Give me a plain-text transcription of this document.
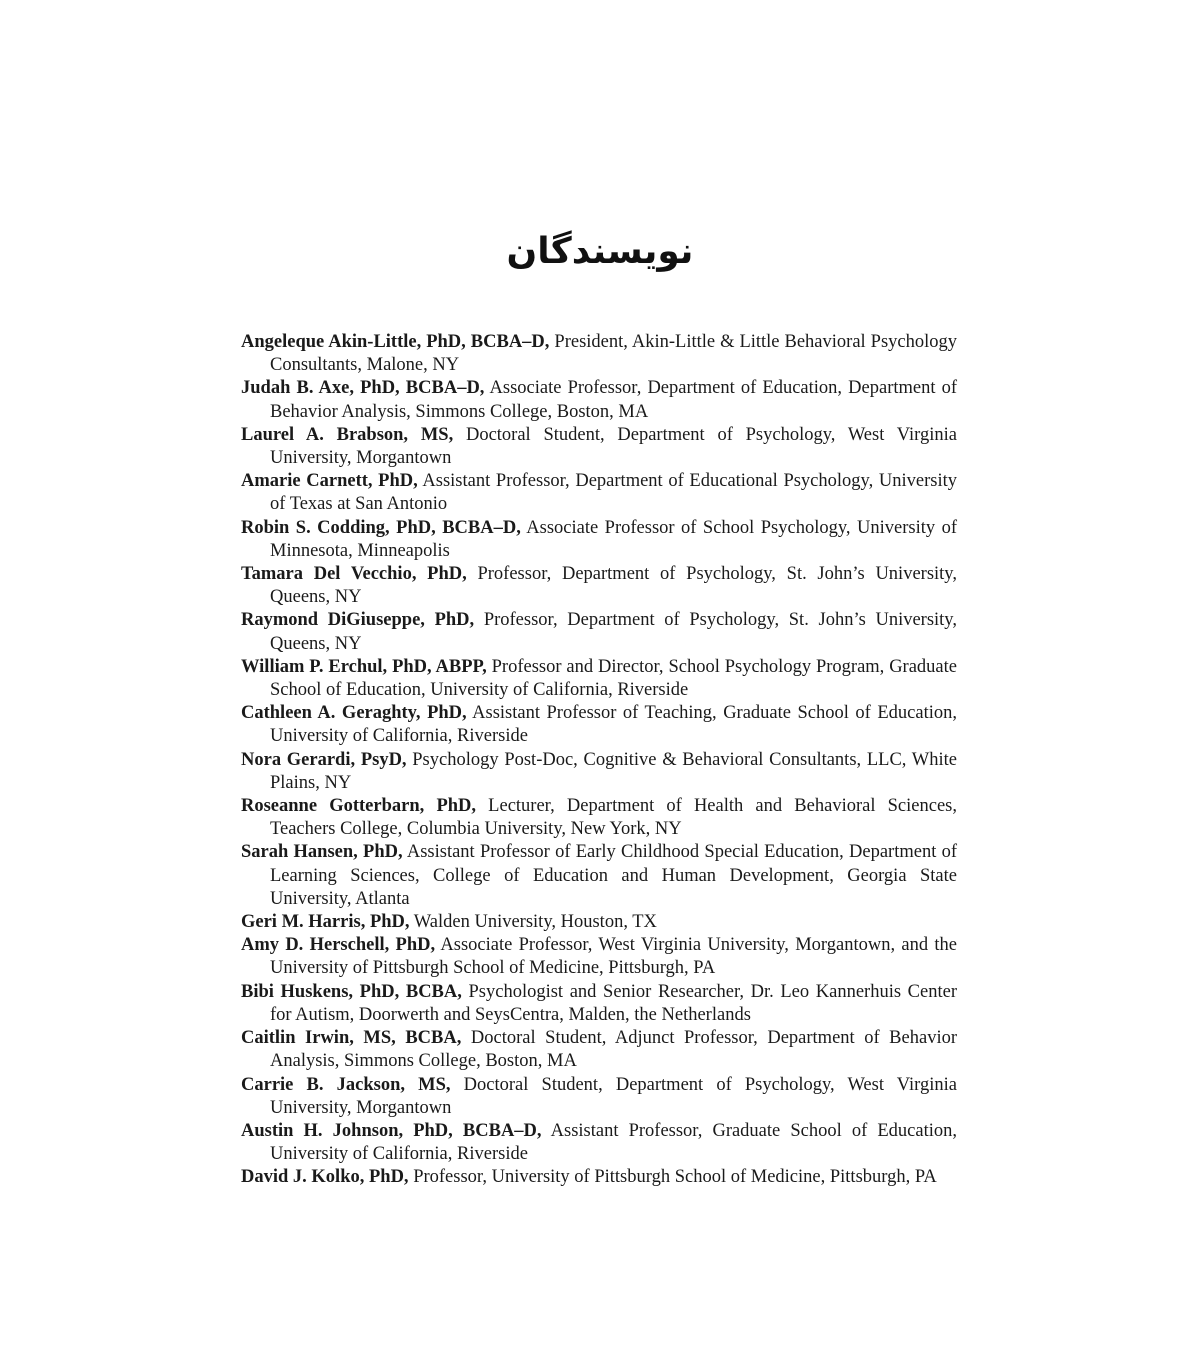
نویسندگان
Angeleque Akin-Little, PhD, BCBA–D, President, Akin-Little & Little Behavioral Psychology Consultants, Malone, NY
Judah B. Axe, PhD, BCBA–D, Associate Professor, Department of Education, Department of Behavior Analysis, Simmons College, Boston, MA
Laurel A. Brabson, MS, Doctoral Student, Department of Psychology, West Virginia University, Morgantown
Amarie Carnett, PhD, Assistant Professor, Department of Educational Psychology, University of Texas at San Antonio
Robin S. Codding, PhD, BCBA–D, Associate Professor of School Psychology, University of Minnesota, Minneapolis
Tamara Del Vecchio, PhD, Professor, Department of Psychology, St. John’s University, Queens, NY
Raymond DiGiuseppe, PhD, Professor, Department of Psychology, St. John’s University, Queens, NY
William P. Erchul, PhD, ABPP, Professor and Director, School Psychology Program, Graduate School of Education, University of California, Riverside
Cathleen A. Geraghty, PhD, Assistant Professor of Teaching, Graduate School of Education, University of California, Riverside
Nora Gerardi, PsyD, Psychology Post-Doc, Cognitive & Behavioral Consultants, LLC, White Plains, NY
Roseanne Gotterbarn, PhD, Lecturer, Department of Health and Behavioral Sciences, Teachers College, Columbia University, New York, NY
Sarah Hansen, PhD, Assistant Professor of Early Childhood Special Education, Department of Learning Sciences, College of Education and Human Development, Georgia State University, Atlanta
Geri M. Harris, PhD, Walden University, Houston, TX
Amy D. Herschell, PhD, Associate Professor, West Virginia University, Morgantown, and the University of Pittsburgh School of Medicine, Pittsburgh, PA
Bibi Huskens, PhD, BCBA, Psychologist and Senior Researcher, Dr. Leo Kannerhuis Center for Autism, Doorwerth and SeysCentra, Malden, the Netherlands
Caitlin Irwin, MS, BCBA, Doctoral Student, Adjunct Professor, Department of Behavior Analysis, Simmons College, Boston, MA
Carrie B. Jackson, MS, Doctoral Student, Department of Psychology, West Virginia University, Morgantown
Austin H. Johnson, PhD, BCBA–D, Assistant Professor, Graduate School of Education, University of California, Riverside
David J. Kolko, PhD, Professor, University of Pittsburgh School of Medicine, Pittsburgh, PA
